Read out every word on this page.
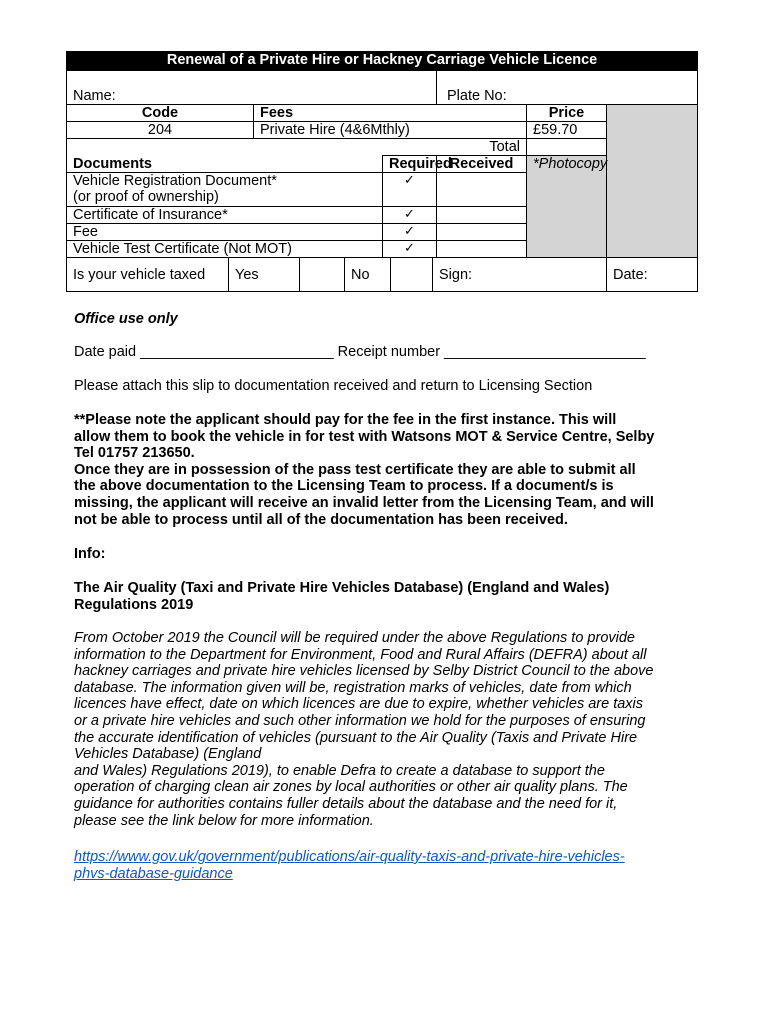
Renewal of a Private Hire or Hackney Carriage Vehicle Licence										
Name:								Plate No:		
Code		Fees							Price	
204		Private Hire (4&6Mthly)							£59.70	
Total										
Documents					Required			Received	*Photocopy	
Vehicle Registration Document*
(or proof of ownership)					✓					
Certificate of Insurance*					✓					
Fee					✓					
Vehicle Test Certificate (Not MOT)					✓					
Is your vehicle taxed	Yes			No			Sign:			Date:
Office use only
Date paid ________________________ Receipt number _________________________
Please attach this slip to documentation received and return to Licensing Section
**Please note the applicant should pay for the fee in the first instance. This will
allow them to book the vehicle in for test with Watsons MOT & Service Centre, Selby
Tel 01757 213650.
Once they are in possession of the pass test certificate they are able to submit all
the above documentation to the Licensing Team to process. If a document/s is
missing, the applicant will receive an invalid letter from the Licensing Team, and will
not be able to process until all of the documentation has been received.
Info:
The Air Quality (Taxi and Private Hire Vehicles Database) (England and Wales)
Regulations 2019
From October 2019 the Council will be required under the above Regulations to provide
information to the Department for Environment, Food and Rural Affairs (DEFRA) about all
hackney carriages and private hire vehicles licensed by Selby District Council to the above
database. The information given will be, registration marks of vehicles, date from which
licences have effect, date on which licences are due to expire, whether vehicles are taxis
or a private hire vehicles and such other information we hold for the purposes of ensuring
the accurate identification of vehicles (pursuant to the Air Quality (Taxis and Private Hire
Vehicles Database) (England
and Wales) Regulations 2019), to enable Defra to create a database to support the
operation of charging clean air zones by local authorities or other air quality plans. The
guidance for authorities contains fuller details about the database and the need for it,
please see the link below for more information.
https://www.gov.uk/government/publications/air-quality-taxis-and-private-hire-vehicles-
phvs-database-guidance
